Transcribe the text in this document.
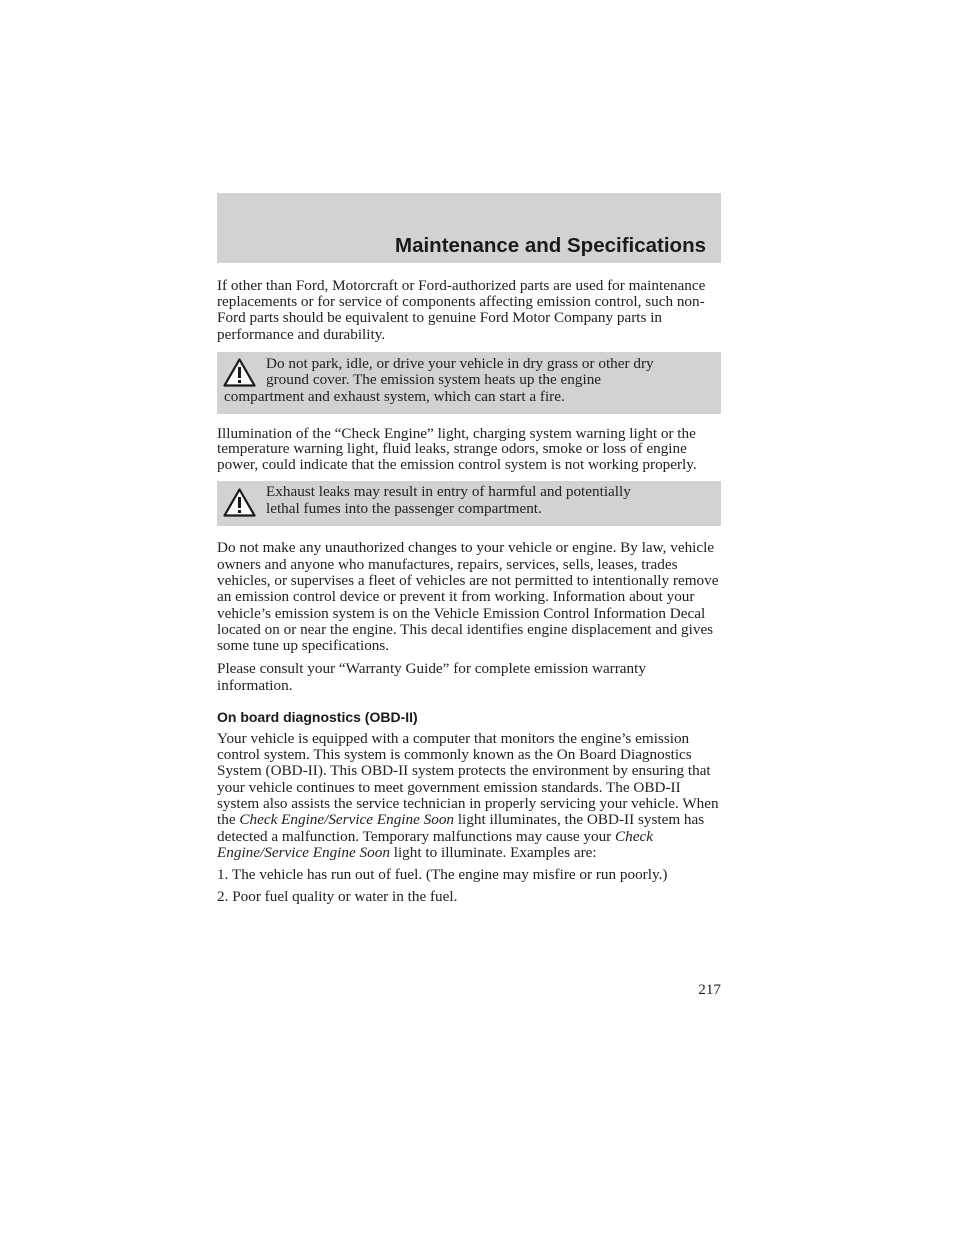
Maintenance and Specifications

If other than Ford, Motorcraft or Ford-authorized parts are used for maintenance replacements or for service of components affecting emission control, such non-Ford parts should be equivalent to genuine Ford Motor Company parts in performance and durability.

Do not park, idle, or drive your vehicle in dry grass or other dry

ground cover. The emission system heats up the engine

compartment and exhaust system, which can start a fire.

Illumination of the “Check Engine” light, charging system warning light or the temperature warning light, fluid leaks, strange odors, smoke or loss of engine power, could indicate that the emission control system is not working properly.

Exhaust leaks may result in entry of harmful and potentially

lethal fumes into the passenger compartment.

Do not make any unauthorized changes to your vehicle or engine. By law, vehicle owners and anyone who manufactures, repairs, services, sells, leases, trades vehicles, or supervises a fleet of vehicles are not permitted to intentionally remove an emission control device or prevent it from working. Information about your vehicle’s emission system is on the Vehicle Emission Control Information Decal located on or near the engine. This decal identifies engine displacement and gives some tune up specifications.

Please consult your “Warranty Guide” for complete emission warranty information.

On board diagnostics (OBD-II)

Your vehicle is equipped with a computer that monitors the engine’s emission control system. This system is commonly known as the On Board Diagnostics System (OBD-II). This OBD-II system protects the environment by ensuring that your vehicle continues to meet government emission standards. The OBD-II system also assists the service technician in properly servicing your vehicle. When the Check Engine/Service Engine Soon light illuminates, the OBD-II system has detected a malfunction. Temporary malfunctions may cause your Check Engine/Service Engine Soon light to illuminate. Examples are:

1. The vehicle has run out of fuel. (The engine may misfire or run poorly.)

2. Poor fuel quality or water in the fuel.

217
